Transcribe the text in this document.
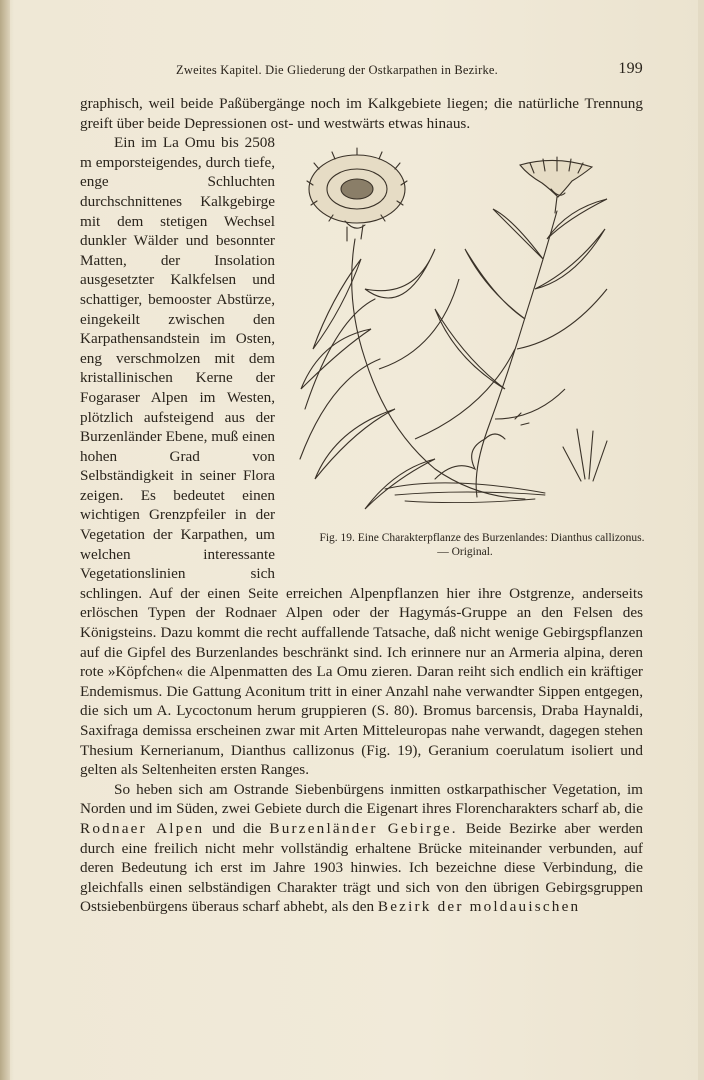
Zweites Kapitel. Die Gliederung der Ostkarpathen in Bezirke.	199

graphisch, weil beide Paßübergänge noch im Kalkgebiete liegen; die natürliche Trennung greift über beide Depressionen ost- und westwärts etwas hinaus.

Fig. 19. Eine Charakterpflanze des Burzenlandes: Dianthus callizonus. — Original.
Ein im La Omu bis 2508 m emporsteigendes, durch tiefe, enge Schluchten durchschnittenes Kalkgebirge mit dem stetigen Wechsel dunkler Wälder und besonnter Matten, der Insolation ausgesetzter Kalkfelsen und schattiger, bemooster Abstürze, eingekeilt zwischen den Karpathensandstein im Osten, eng verschmolzen mit dem kristallinischen Kerne der Fogaraser Alpen im Westen, plötzlich aufsteigend aus der Burzenländer Ebene, muß einen hohen Grad von Selbständigkeit in seiner Flora zeigen. Es bedeutet einen wichtigen Grenzpfeiler in der Vegetation der Karpathen, um welchen interessante Vegetationslinien sich schlingen. Auf der einen Seite erreichen Alpenpflanzen hier ihre Ostgrenze, anderseits erlöschen Typen der Rodnaer Alpen oder der Hagymás-Gruppe an den Felsen des Königsteins. Dazu kommt die recht auffallende Tatsache, daß nicht wenige Gebirgspflanzen auf die Gipfel des Burzenlandes beschränkt sind. Ich erinnere nur an Armeria alpina, deren rote »Köpfchen« die Alpenmatten des La Omu zieren. Daran reiht sich endlich ein kräftiger Endemismus. Die Gattung Aconitum tritt in einer Anzahl nahe verwandter Sippen entgegen, die sich um A. Lycoctonum herum gruppieren (S. 80). Bromus barcensis, Draba Haynaldi, Saxifraga demissa erscheinen zwar mit Arten Mitteleuropas nahe verwandt, dagegen stehen Thesium Kernerianum, Dianthus callizonus (Fig. 19), Geranium coerulatum isoliert und gelten als Seltenheiten ersten Ranges.

So heben sich am Ostrande Siebenbürgens inmitten ostkarpathischer Vegetation, im Norden und im Süden, zwei Gebiete durch die Eigenart ihres Florencharakters scharf ab, die Rodnaer Alpen und die Burzenländer Gebirge. Beide Bezirke aber werden durch eine freilich nicht mehr vollständig erhaltene Brücke miteinander verbunden, auf deren Bedeutung ich erst im Jahre 1903 hinwies. Ich bezeichne diese Verbindung, die gleichfalls einen selbständigen Charakter trägt und sich von den übrigen Gebirgsgruppen Ostsiebenbürgens überaus scharf abhebt, als den Bezirk der moldauischen
